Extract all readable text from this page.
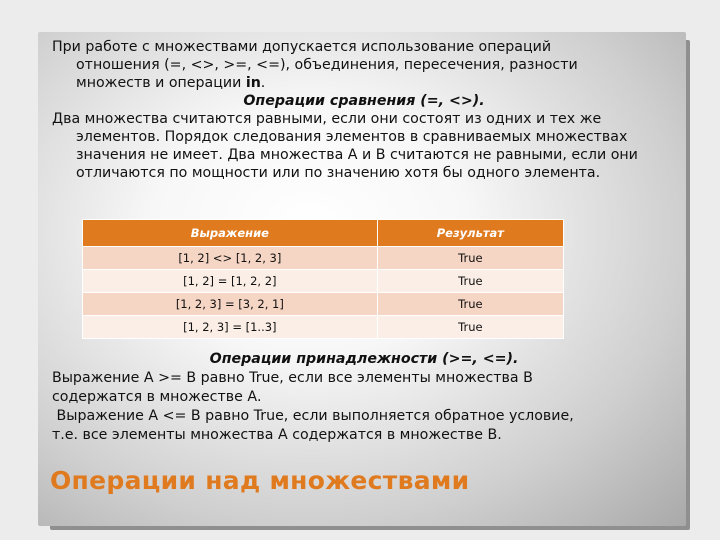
При работе с множествами допускается использование операций
отношения (=, <>, >=, <=), объединения, пересечения, разности
множеств и операции in.

Операции сравнения (=, <>).

Два множества считаются равными, если они состоят из одних и тех же

элементов. Порядок следования элементов в сравниваемых множествах значения не имеет. Два множества А и В считаются не равными, если они отличаются по мощности или по значению хотя бы одного элемента.

Выражение	Результат
[1, 2] <> [1, 2, 3]	True
[1, 2] = [1, 2, 2]	True
[1, 2, 3] = [3, 2, 1]	True
[1, 2, 3] = [1..3]	True

Операции принадлежности (>=, <=).

Выражение А >= В равно True, если все элементы множества В

содержатся в множестве А.

Выражение А <= В равно True, если выполняется обратное условие,

т.е. все элементы множества А содержатся в множестве В.

Операции над множествами
